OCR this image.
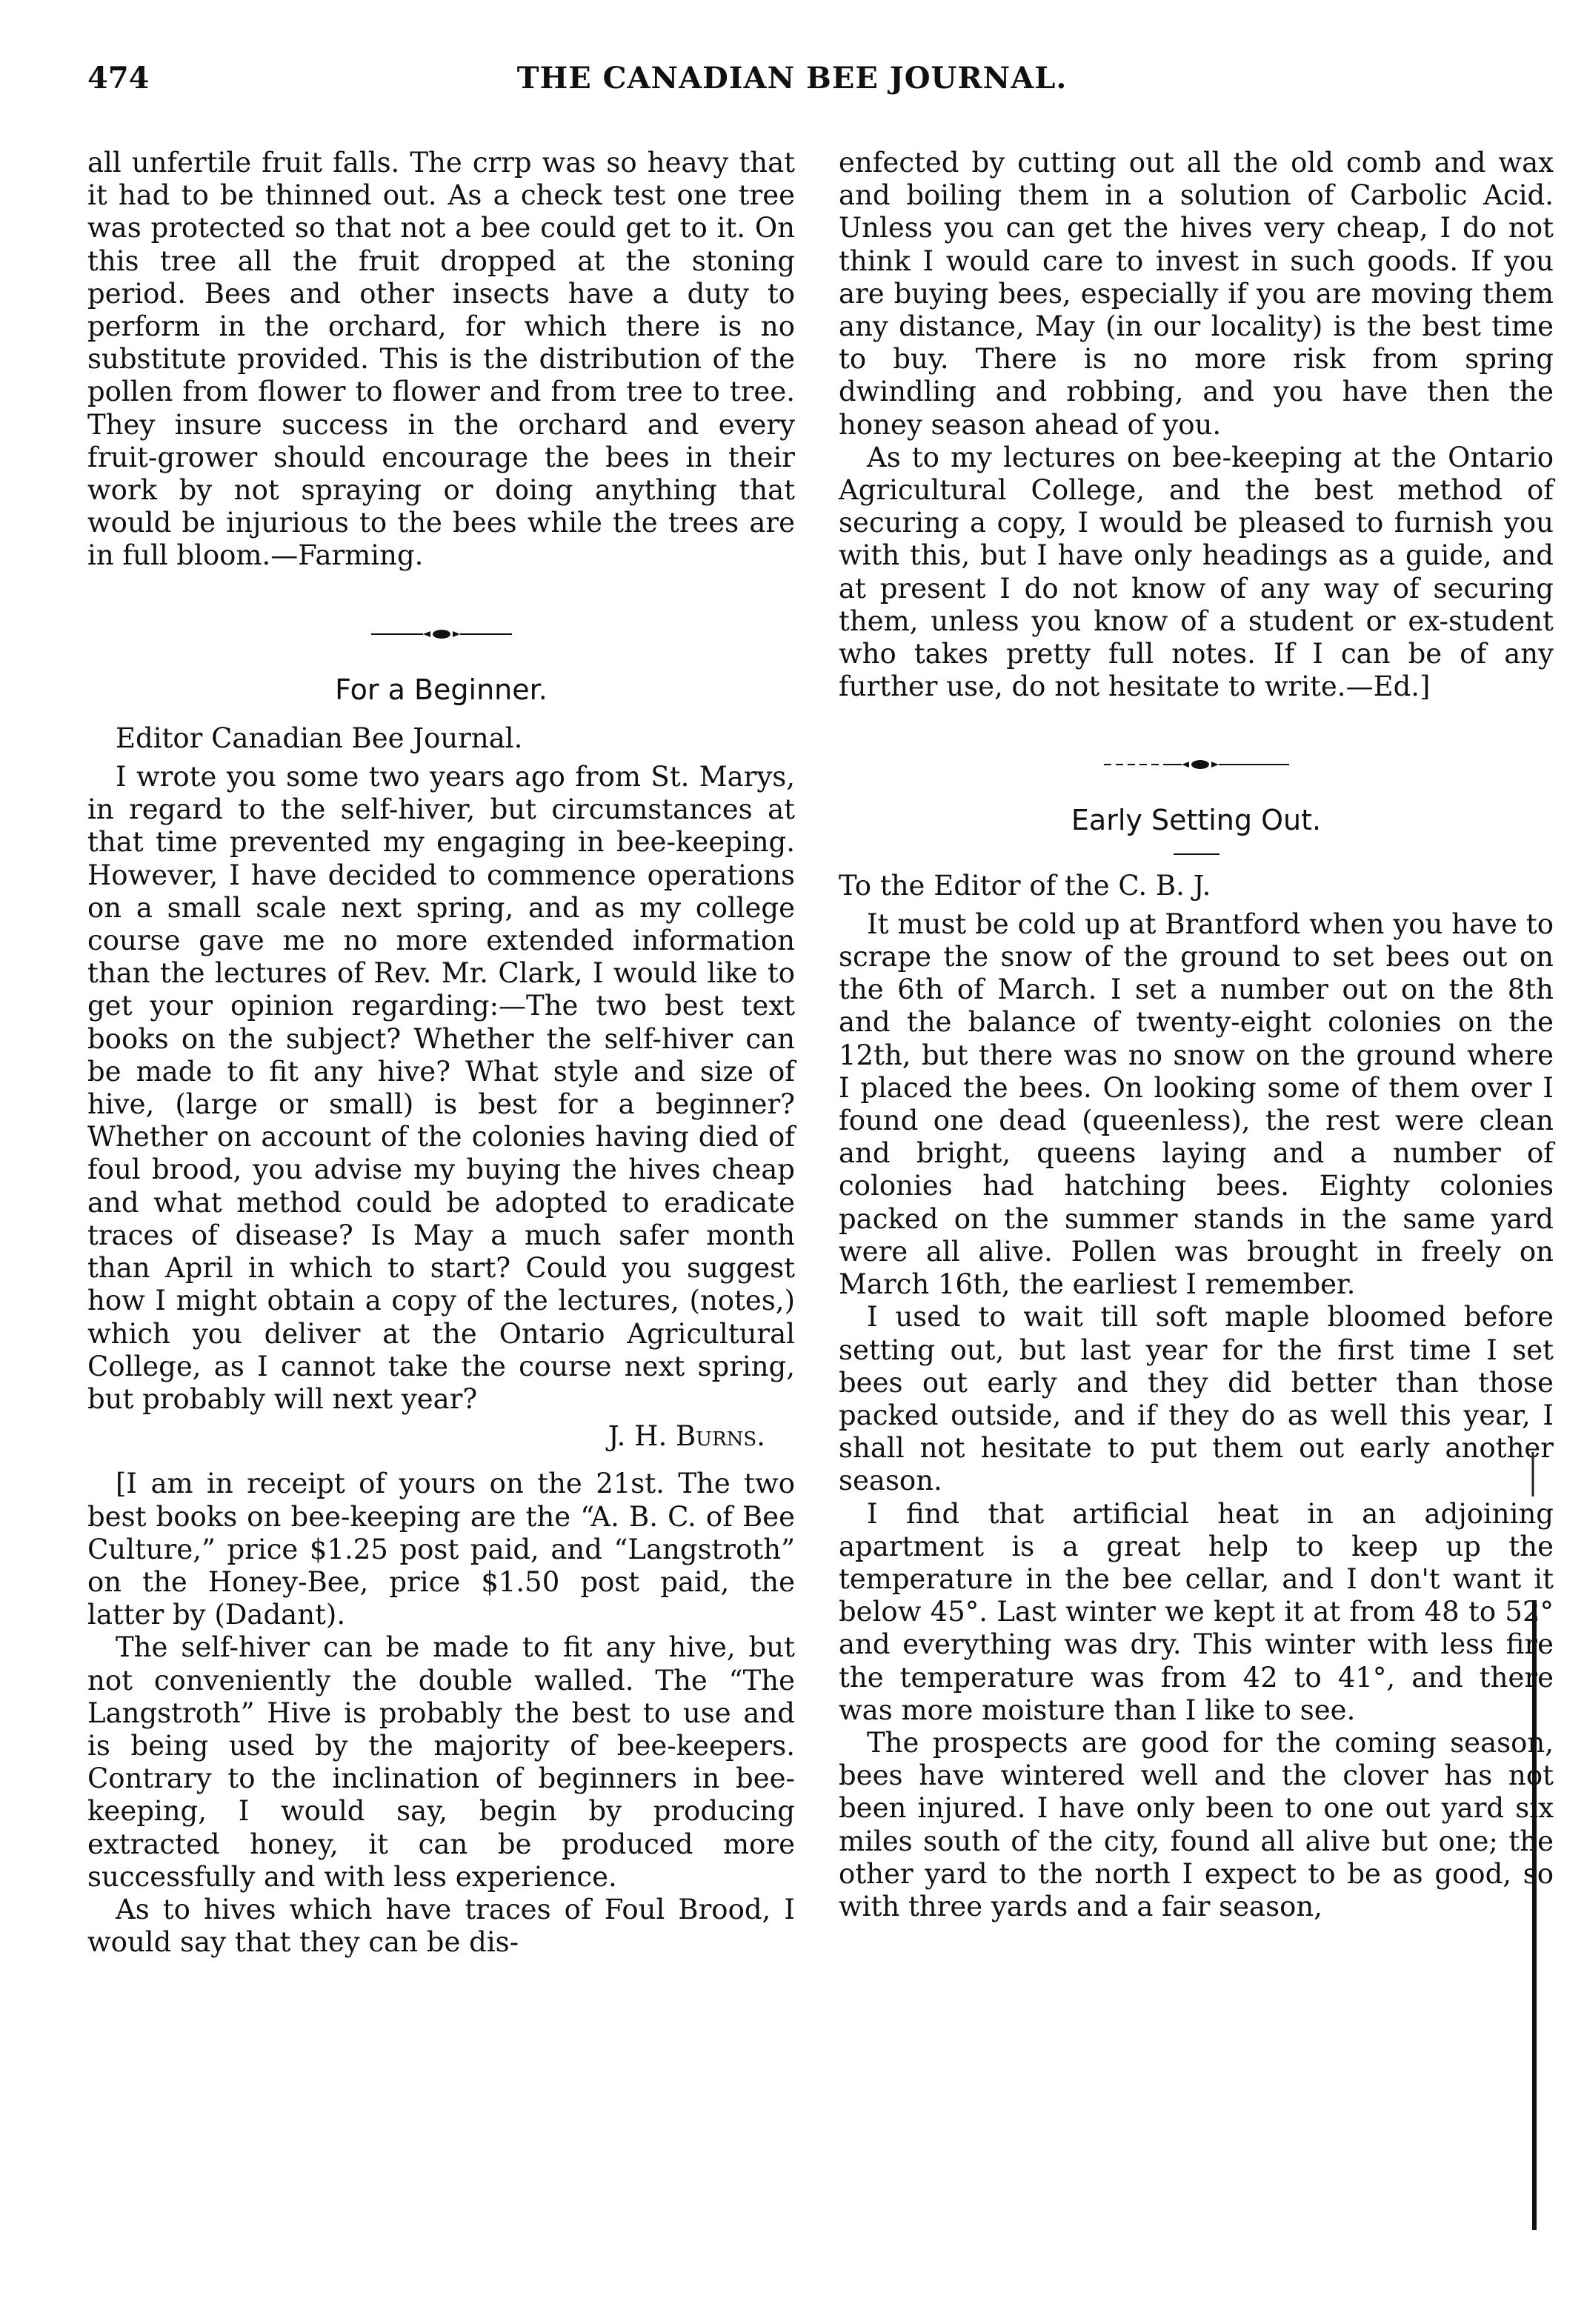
474	THE CANADIAN BEE JOURNAL.

all unfertile fruit falls. The crrp was so heavy that it had to be thinned out. As a check test one tree was protected so that not a bee could get to it. On this tree all the fruit dropped at the stoning period. Bees and other insects have a duty to perform in the orchard, for which there is no substitute provided. This is the distribution of the pollen from flower to flower and from tree to tree. They insure success in the orchard and every fruit-grower should encourage the bees in their work by not spraying or doing anything that would be injurious to the bees while the trees are in full bloom.—Farming.

For a Beginner.

Editor Canadian Bee Journal.

I wrote you some two years ago from St. Marys, in regard to the self-hiver, but circumstances at that time prevented my engaging in bee-keeping. However, I have decided to commence operations on a small scale next spring, and as my college course gave me no more extended information than the lectures of Rev. Mr. Clark, I would like to get your opinion regarding:—The two best text books on the subject? Whether the self-hiver can be made to fit any hive? What style and size of hive, (large or small) is best for a beginner? Whether on account of the colonies having died of foul brood, you advise my buying the hives cheap and what method could be adopted to eradicate traces of disease? Is May a much safer month than April in which to start? Could you suggest how I might obtain a copy of the lectures, (notes,) which you deliver at the Ontario Agricultural College, as I cannot take the course next spring, but probably will next year?

J. H. Burns.

[I am in receipt of yours on the 21st. The two best books on bee-keeping are the “A. B. C. of Bee Culture,” price $1.25 post paid, and “Langstroth” on the Honey-Bee, price $1.50 post paid, the latter by (Dadant).

The self-hiver can be made to fit any hive, but not conveniently the double walled. The “The Langstroth” Hive is probably the best to use and is being used by the majority of bee-keepers. Contrary to the inclination of beginners in bee-keeping, I would say, begin by producing extracted honey, it can be produced more successfully and with less experience.

As to hives which have traces of Foul Brood, I would say that they can be dis-

enfected by cutting out all the old comb and wax and boiling them in a solution of Carbolic Acid. Unless you can get the hives very cheap, I do not think I would care to invest in such goods. If you are buying bees, especially if you are moving them any distance, May (in our locality) is the best time to buy. There is no more risk from spring dwindling and robbing, and you have then the honey season ahead of you.

As to my lectures on bee-keeping at the Ontario Agricultural College, and the best method of securing a copy, I would be pleased to furnish you with this, but I have only headings as a guide, and at present I do not know of any way of securing them, unless you know of a student or ex-student who takes pretty full notes. If I can be of any further use, do not hesitate to write.—Ed.]

Early Setting Out.

To the Editor of the C. B. J.

It must be cold up at Brantford when you have to scrape the snow of the ground to set bees out on the 6th of March. I set a number out on the 8th and the balance of twenty-eight colonies on the 12th, but there was no snow on the ground where I placed the bees. On looking some of them over I found one dead (queenless), the rest were clean and bright, queens laying and a number of colonies had hatching bees. Eighty colonies packed on the summer stands in the same yard were all alive. Pollen was brought in freely on March 16th, the earliest I remember.

I used to wait till soft maple bloomed before setting out, but last year for the first time I set bees out early and they did better than those packed outside, and if they do as well this year, I shall not hesitate to put them out early another season.

I find that artificial heat in an adjoining apartment is a great help to keep up the temperature in the bee cellar, and I don't want it below 45°. Last winter we kept it at from 48 to 52° and everything was dry. This winter with less fire the temperature was from 42 to 41°, and there was more moisture than I like to see.

The prospects are good for the coming season, bees have wintered well and the clover has not been injured. I have only been to one out yard six miles south of the city, found all alive but one; the other yard to the north I expect to be as good, so with three yards and a fair season,
